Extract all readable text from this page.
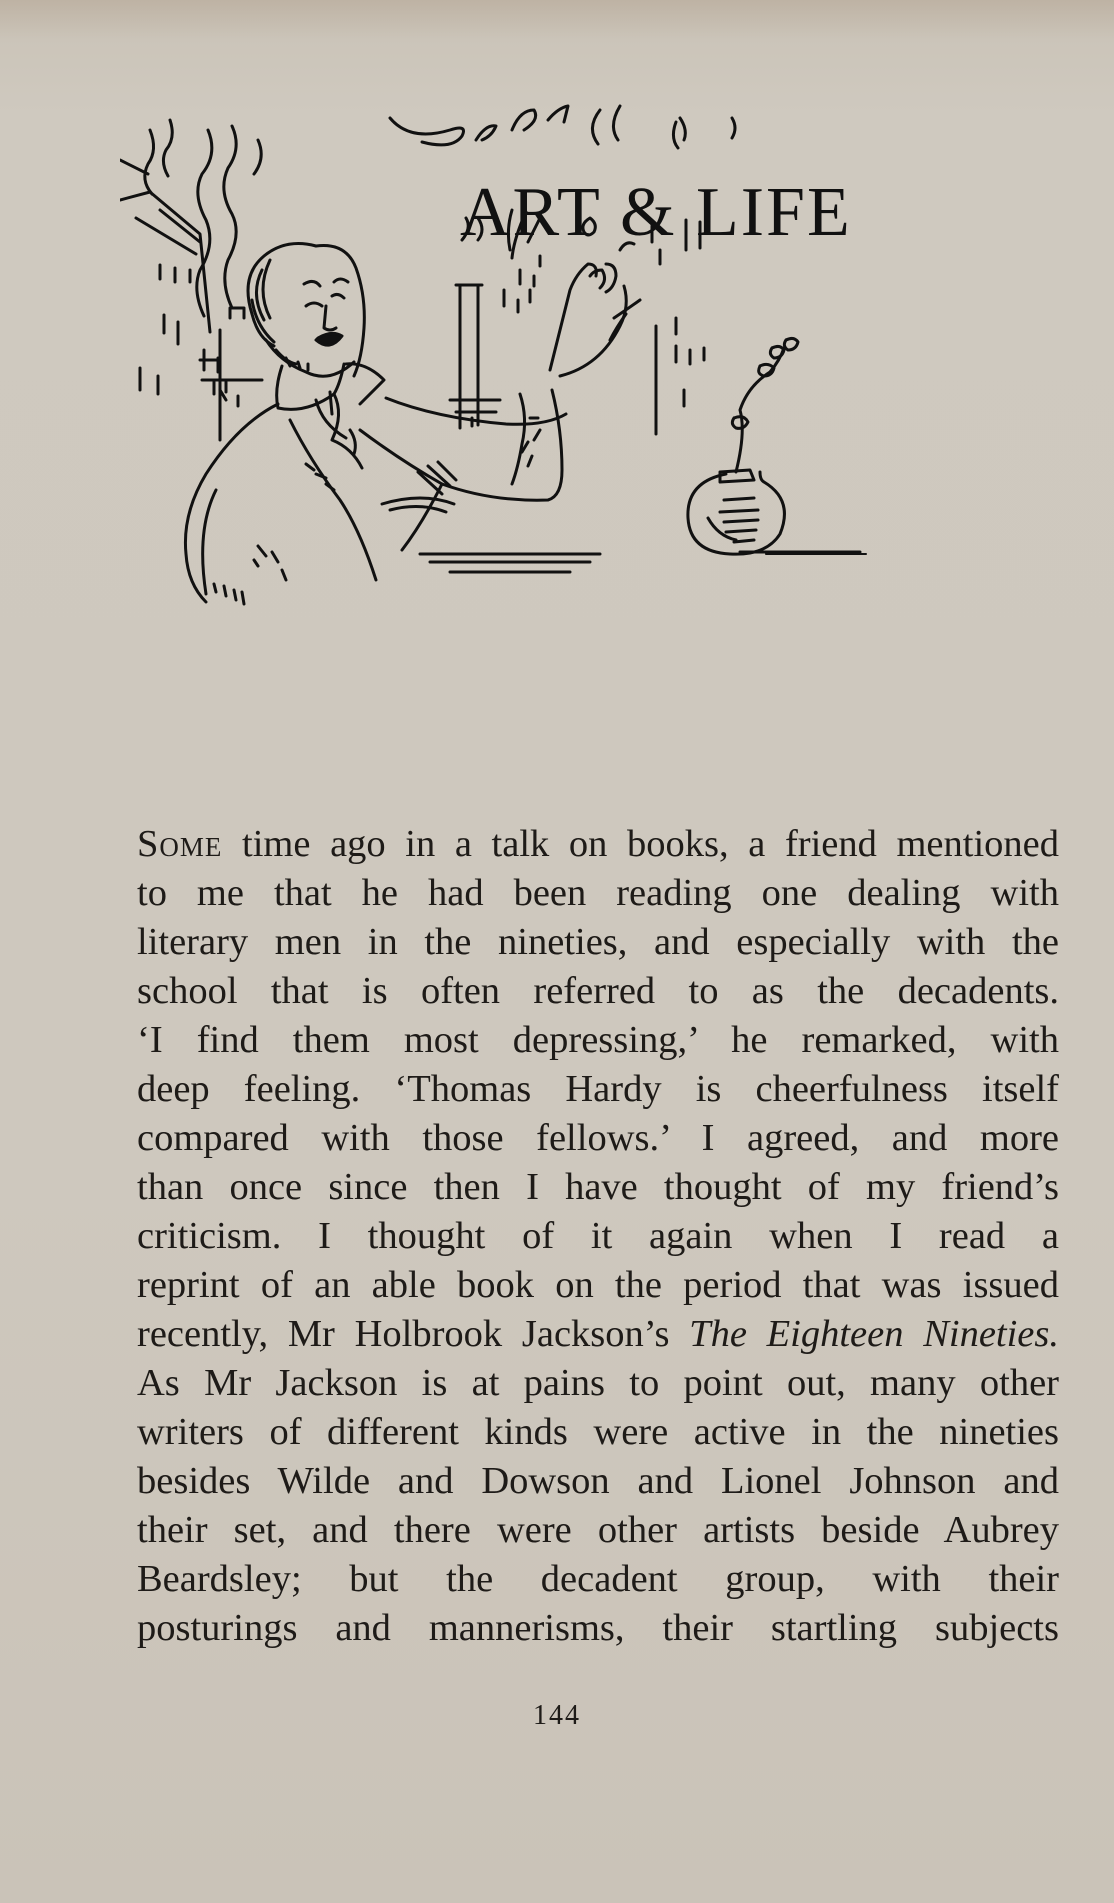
ART & LIFE
Some time ago in a talk on books, a friend mentioned
to me that he had been reading one dealing with
literary men in the nineties, and especially with the
school that is often referred to as the decadents.
‘I find them most depressing,’ he remarked, with
deep feeling. ‘Thomas Hardy is cheerfulness itself
compared with those fellows.’ I agreed, and more
than once since then I have thought of my friend’s
criticism. I thought of it again when I read a
reprint of an able book on the period that was issued
recently, Mr Holbrook Jackson’s The Eighteen Nineties.
As Mr Jackson is at pains to point out, many other
writers of different kinds were active in the nineties
besides Wilde and Dowson and Lionel Johnson and
their set, and there were other artists beside Aubrey
Beardsley; but the decadent group, with their
posturings and mannerisms, their startling subjects
144
